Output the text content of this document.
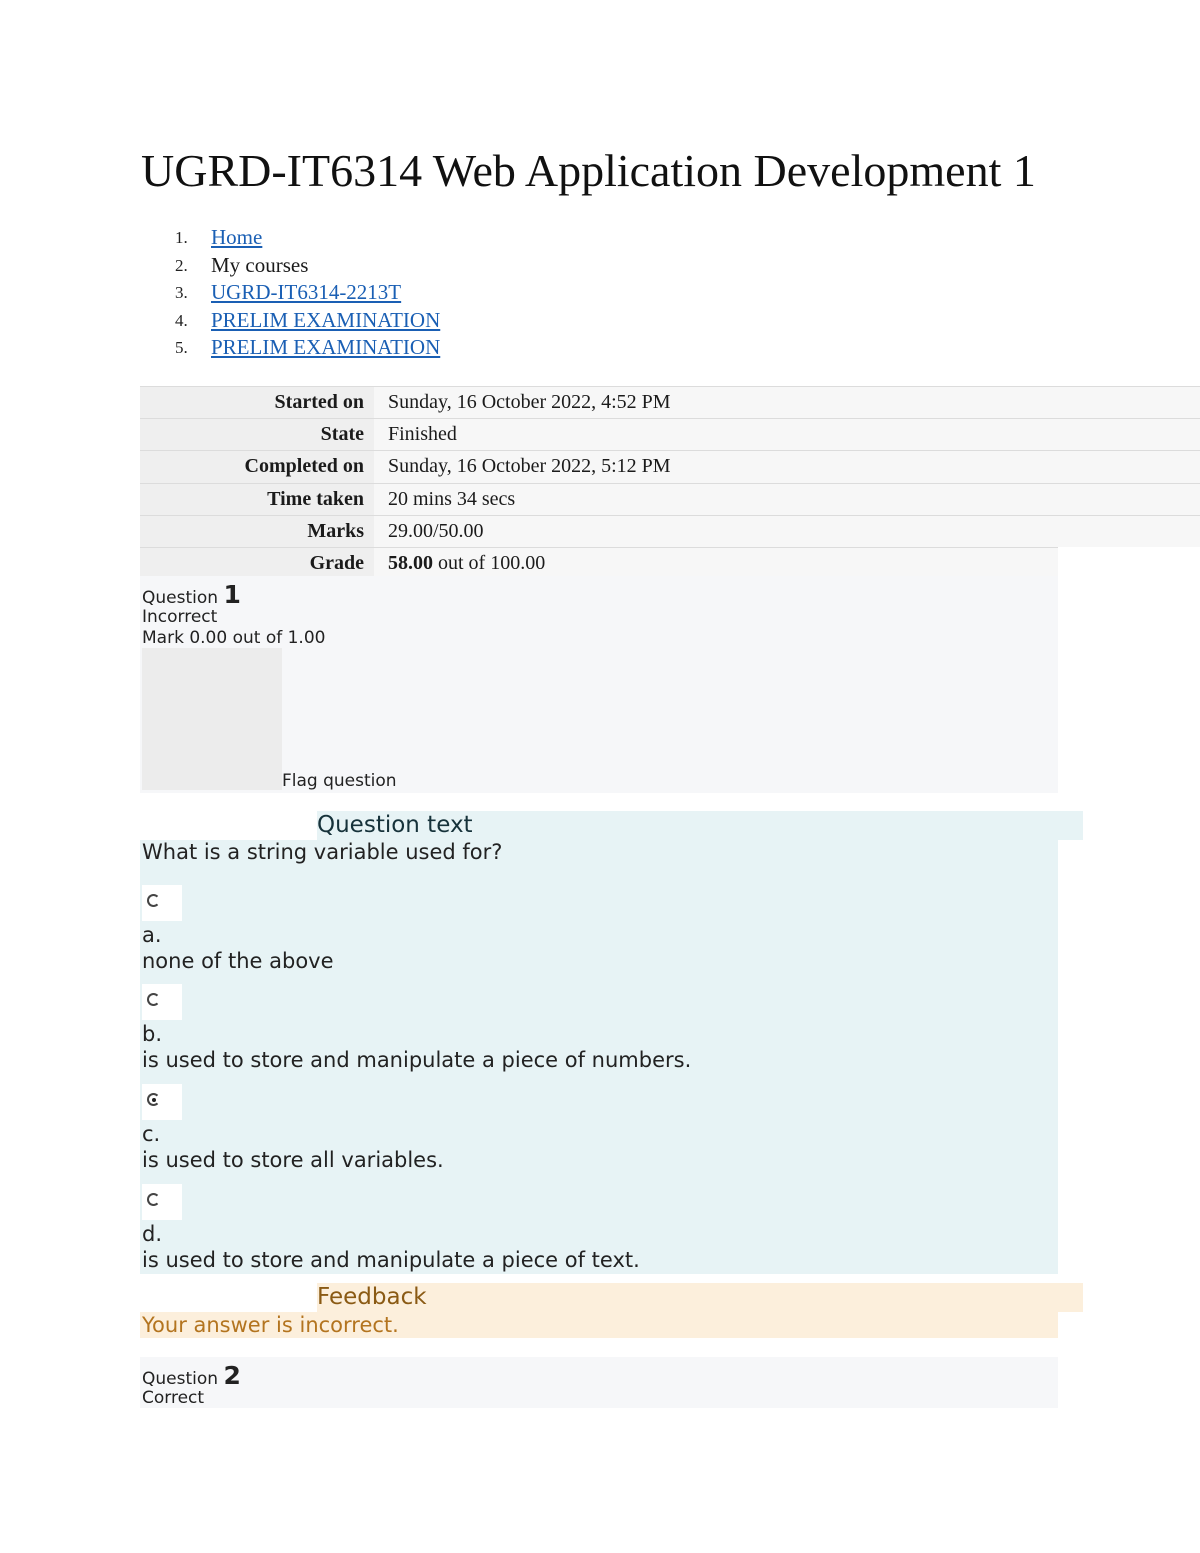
UGRD-IT6314 Web Application Development 1
1.	Home
2.	My courses
3.	UGRD-IT6314-2213T
4.	PRELIM EXAMINATION
5.	PRELIM EXAMINATION
Started on	Sunday, 16 October 2022, 4:52 PM
State	Finished
Completed on	Sunday, 16 October 2022, 5:12 PM
Time taken	20 mins 34 secs
Marks	29.00/50.00
Grade	58.00 out of 100.00
Question 1
Incorrect
Mark 0.00 out of 1.00
Flag question
Question text
What is a string variable used for?
a.
none of the above
b.
is used to store and manipulate a piece of numbers.
c.
is used to store all variables.
d.
is used to store and manipulate a piece of text.
Feedback
Your answer is incorrect.
Question 2
Correct
